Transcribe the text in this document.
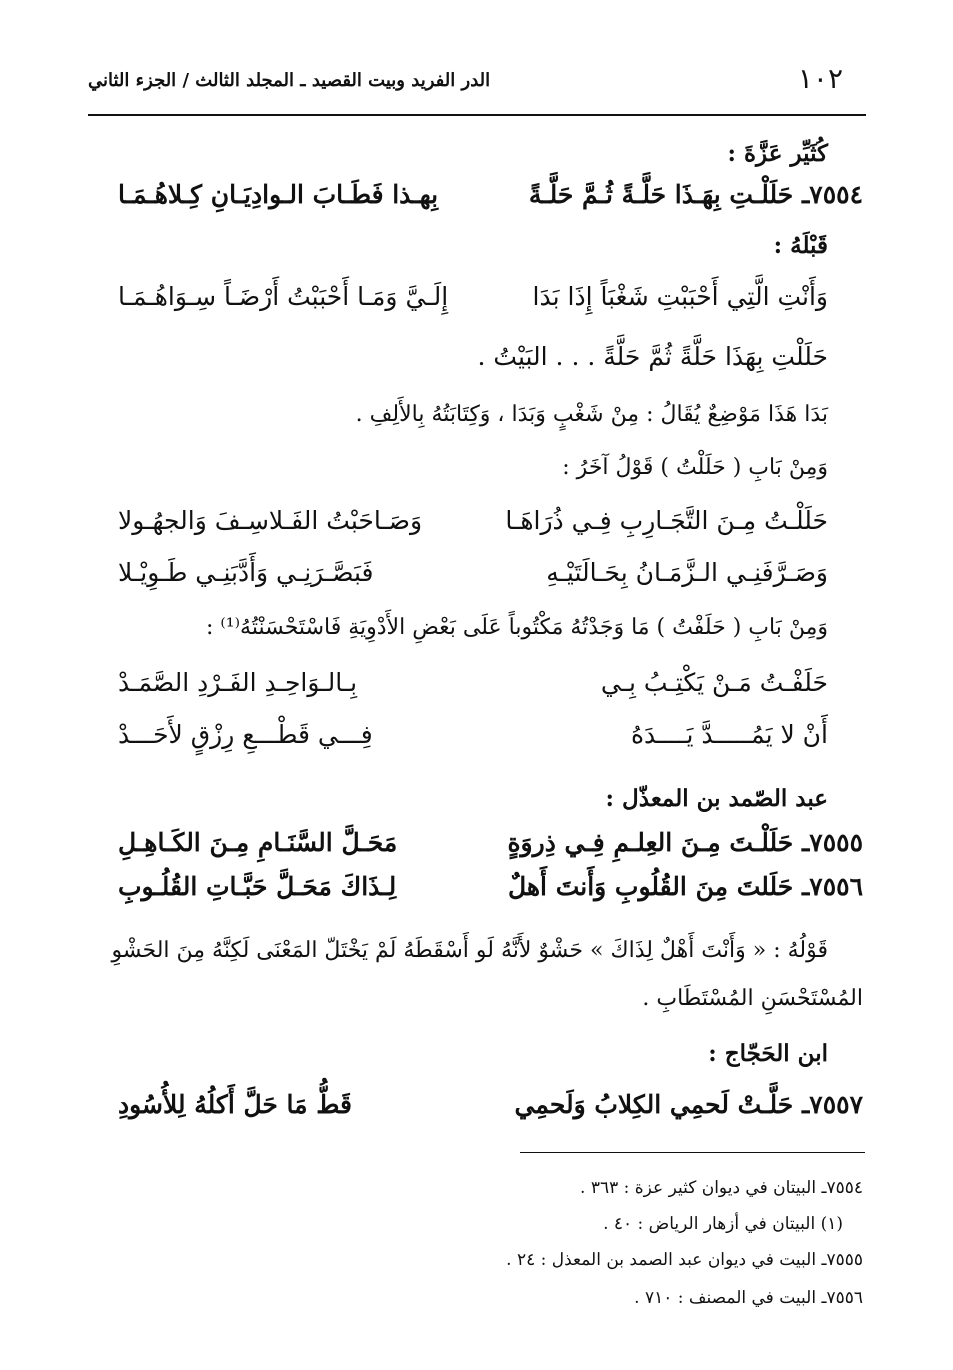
١٠٢
الدر الفريد وبيت القصيد ـ المجلد الثالث / الجزء الثاني
كُثَيِّر عَزَّةَ :
٧٥٥٤ـ حَلَلْـتِ بِهَـذَا حَلَّـةً ثُـمَّ حَلَّـةً
بِهـذا فَطَـابَ الـوادِيَـانِ كِـلاهُـمَـا
قَبْلَهُ :
وَأَنْتِ الَّتِي أَحْبَبْتِ شَغْبَاً إِذَا بَدَا
إِلَـيَّ وَمَـا أَحْبَبْتُ أَرْضَـاً سِـوَاهُـمَـا
حَلَلْتِ بِهَذَا حَلَّةً ثُمَّ حَلَّةً . . . البَيْتُ .
بَدَا هَذَا مَوْضِعٌ يُقَالُ : مِنْ شَغْبٍ وَبَدَا ، وَكِتَابَتُهُ بِالأَلِفِ .
وَمِنْ بَابِ ( حَلَلْتُ ) قَوْلُ آخَرُ :
حَلَلْـتُ مِـنَ التَّجَـارِبِ فِـي ذُرَاهَـا
وَصَـاحَبْتُ الفَـلاسِـفَ وَالجهُـولا
وَصَـرَّفَنِـي الـزَّمَـانُ بِحَـالَتَيْـهِ
فَبَصَّـرَنِـي وَأَدَّبَنِـي طَـوِيْـلا
وَمِنْ بَابِ ( حَلَفْتُ ) مَا وَجَدْتُهُ مَكْتُوباً عَلَى بَعْضِ الأَدْوِيَةِ فَاسْتَحْسَنْتُهُ⁽¹⁾ :
حَلَفْـتُ مَـنْ يَكْتِـبُ بِـي
بِـالـوَاحِـدِ الفَـرْدِ الصَّمَـدْ
أَنْ لا يَمُـــــدَّ يَــــدَهُ
فِـــي قَطْـــعِ رِزْقٍ لأَحَـــدْ
عبد الصّمد بن المعذّل :
٧٥٥٥ـ حَلَلْـتَ مِـنَ العِلـمِ فِـي ذِروَةٍ
مَحَـلَّ السَّنَـامِ مِـنَ الكَـاهِـلِ
٧٥٥٦ـ حَلَلتَ مِنَ القُلُوبِ وَأَنتَ أَهلٌ
لِـذَاكَ مَحَـلَّ حَبَّـاتِ القُلُـوبِ
قَوْلُهُ : « وَأَنْتَ أَهْلٌ لِذَاكَ » حَشْوٌ لأَنَّهُ لَو أَسْقَطَهُ لَمْ يَخْتَلّ المَعْنَى لَكِنَّهُ مِنَ الحَشْوِ
المُسْتَحْسَنِ المُسْتَطَابِ .
ابن الحَجّاج :
٧٥٥٧ـ حَلَّـتْ لَحمِي الكِلابُ وَلَحمِي
قَطُّ مَا حَلَّ أَكلُهُ لِلأُسُودِ
٧٥٥٤ـ البيتان في ديوان كثير عزة : ٣٦٣ .
(١) البيتان في أزهار الرياض : ٤٠ .
٧٥٥٥ـ البيت في ديوان عبد الصمد بن المعذل : ٢٤ .
٧٥٥٦ـ البيت في المصنف : ٧١٠ .
